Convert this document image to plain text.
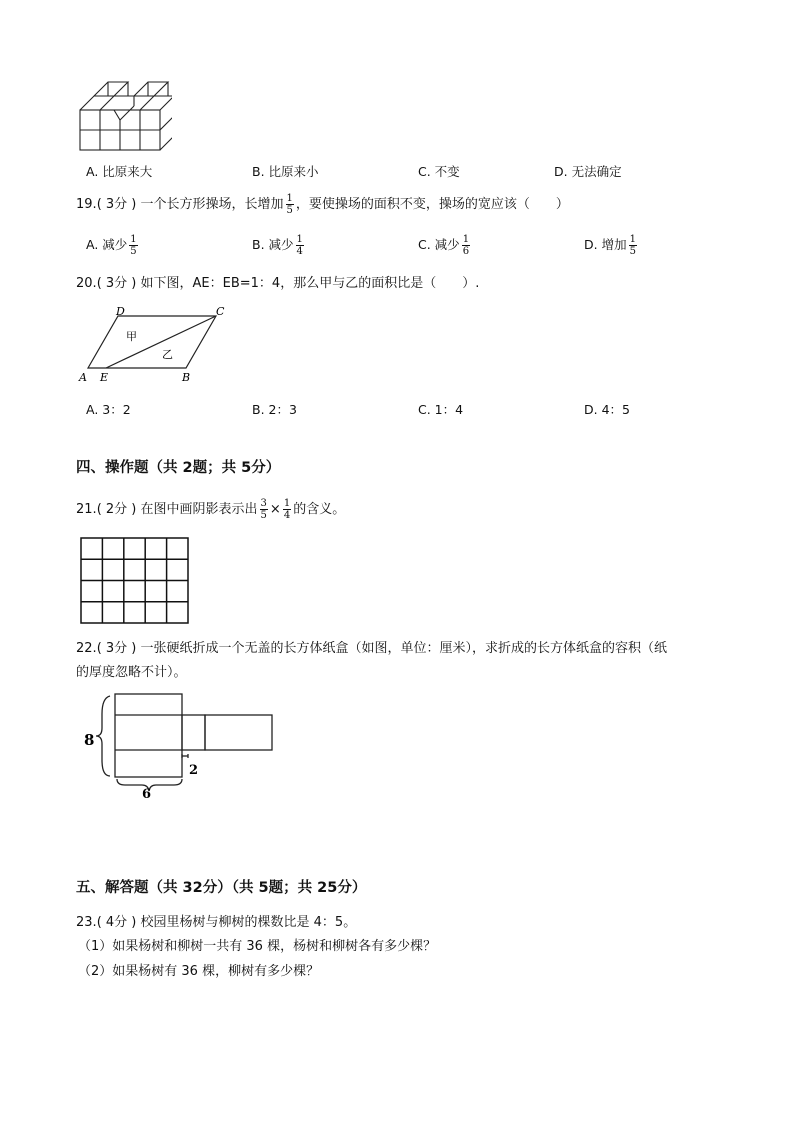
A. 比原来大	B. 比原来小	C. 不变	D. 无法确定
19.( 3分 ) 一个长方形操场，长增加 $\frac{1}{5}$ ，要使操场的面积不变，操场的宽应该（　　）
A. 减少 $\frac{1}{5}$	B. 减少 $\frac{1}{4}$	C. 减少 $\frac{1}{6}$	D. 增加 $\frac{1}{5}$
20.( 3分 ) 如下图，AE：EB=1：4，那么甲与乙的面积比是（　　）.
D	C
A E	B
甲
乙
A. 3：2	B. 2：3	C. 1：4	D. 4：5
四、操作题（共 2题；共 5分）
21.( 2分 ) 在图中画阴影表示出 $\frac{3}{5} \times \frac{1}{4}$ 的含义。
22.( 3分 ) 一张硬纸折成一个无盖的长方体纸盒（如图，单位：厘米），求折成的长方体纸盒的容积（纸
的厚度忽略不计）。
8
6
2
五、解答题（共 32分）（共 5题；共 25分）
23.( 4分 ) 校园里杨树与柳树的棵数比是 4：5。
（1）如果杨树和柳树一共有 36 棵，杨树和柳树各有多少棵？
（2）如果杨树有 36 棵，柳树有多少棵？
